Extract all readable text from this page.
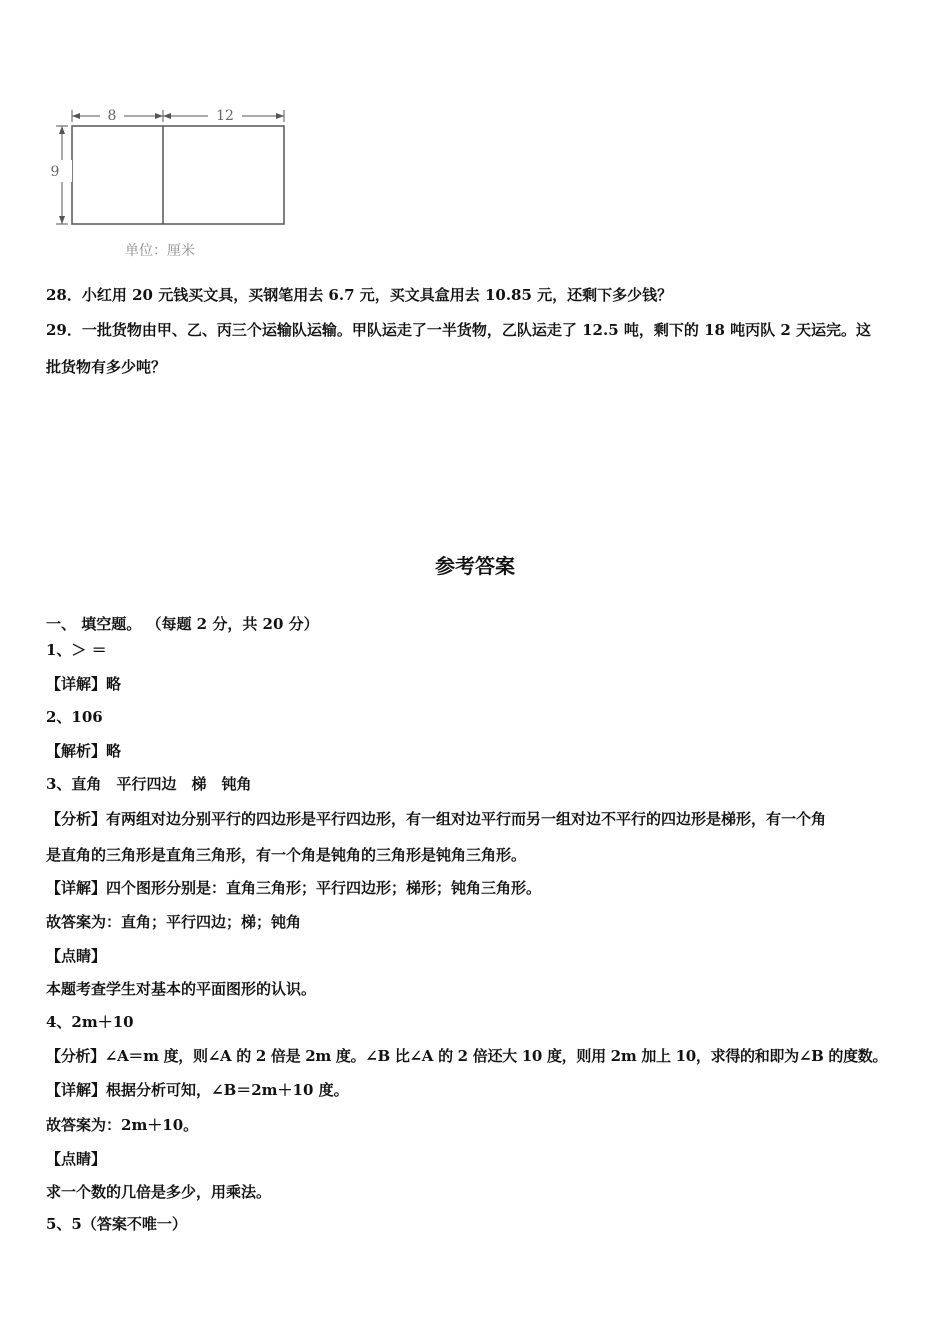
8	12
9
单位：厘米
28．小红用 20 元钱买文具，买钢笔用去 6.7 元，买文具盒用去 10.85 元，还剩下多少钱？
29．一批货物由甲、乙、丙三个运输队运输。甲队运走了一半货物，乙队运走了 12.5 吨，剩下的 18 吨丙队 2 天运完。这
批货物有多少吨？
参考答案
一、 填空题。 （每题 2 分，共 20 分）
1、＞ ＝
【详解】略
2、106
【解析】略
3、直角　平行四边　梯　钝角
【分析】有两组对边分别平行的四边形是平行四边形，有一组对边平行而另一组对边不平行的四边形是梯形，有一个角
是直角的三角形是直角三角形，有一个角是钝角的三角形是钝角三角形。
【详解】四个图形分别是：直角三角形；平行四边形；梯形；钝角三角形。
故答案为：直角；平行四边；梯；钝角
【点睛】
本题考查学生对基本的平面图形的认识。
4、2m＋10
【分析】∠A＝m 度，则∠A 的 2 倍是 2m 度。∠B 比∠A 的 2 倍还大 10 度，则用 2m 加上 10，求得的和即为∠B 的度数。
【详解】根据分析可知，∠B＝2m＋10 度。
故答案为：2m＋10。
【点睛】
求一个数的几倍是多少，用乘法。
5、5（答案不唯一）
